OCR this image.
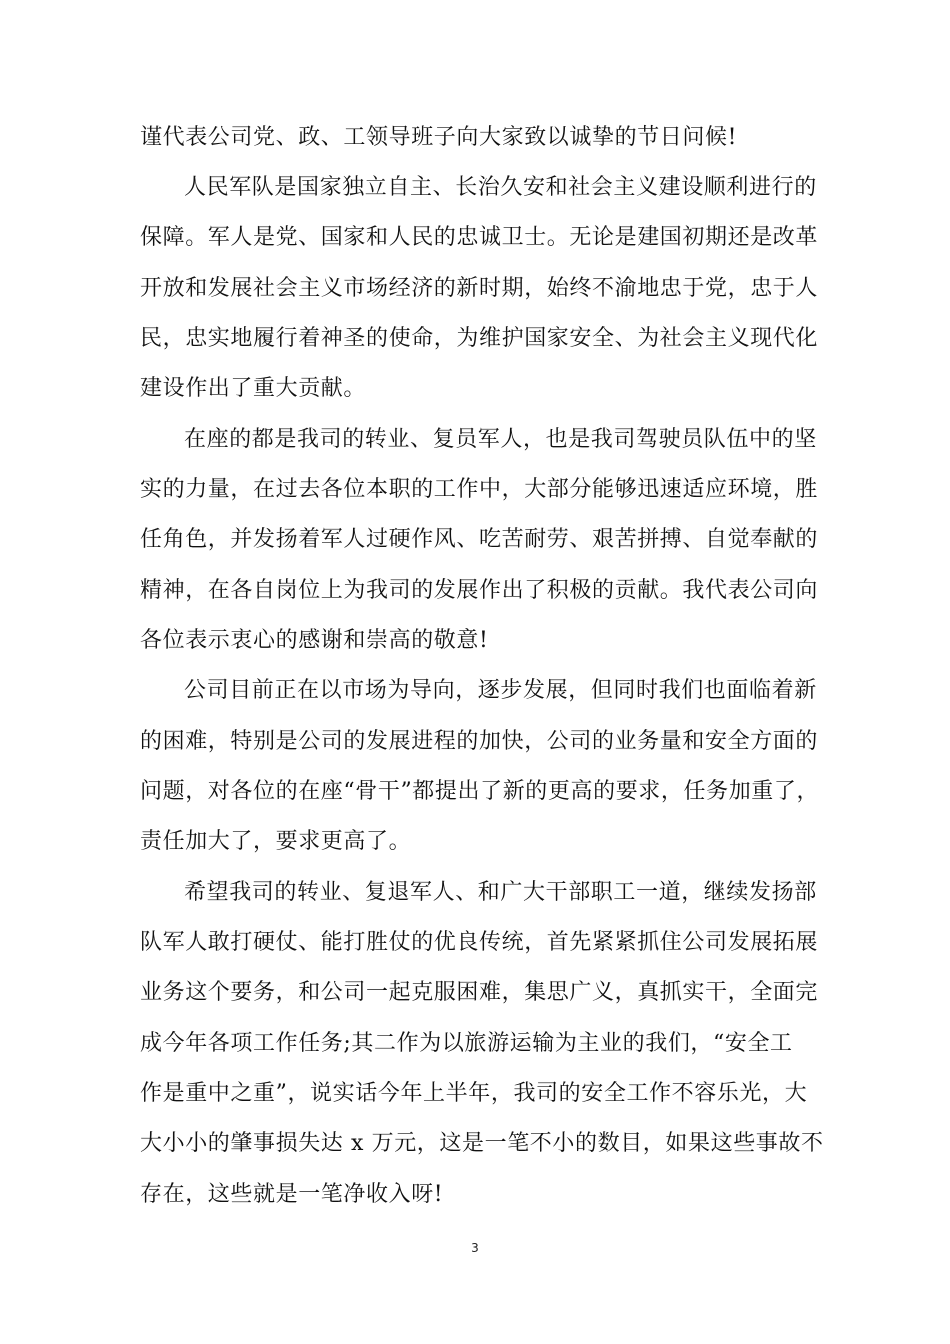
谨代表公司党、政、工领导班子向大家致以诚挚的节日问候!
人民军队是国家独立自主、长治久安和社会主义建设顺利进行的
保障。军人是党、国家和人民的忠诚卫士。无论是建国初期还是改革
开放和发展社会主义市场经济的新时期，始终不渝地忠于党，忠于人
民，忠实地履行着神圣的使命，为维护国家安全、为社会主义现代化
建设作出了重大贡献。
在座的都是我司的转业、复员军人，也是我司驾驶员队伍中的坚
实的力量，在过去各位本职的工作中，大部分能够迅速适应环境，胜
任角色，并发扬着军人过硬作风、吃苦耐劳、艰苦拼搏、自觉奉献的
精神，在各自岗位上为我司的发展作出了积极的贡献。我代表公司向
各位表示衷心的感谢和崇高的敬意!
公司目前正在以市场为导向，逐步发展，但同时我们也面临着新
的困难，特别是公司的发展进程的加快，公司的业务量和安全方面的
问题，对各位的在座“骨干”都提出了新的更高的要求，任务加重了，
责任加大了，要求更高了。
希望我司的转业、复退军人、和广大干部职工一道，继续发扬部
队军人敢打硬仗、能打胜仗的优良传统，首先紧紧抓住公司发展拓展
业务这个要务，和公司一起克服困难，集思广义，真抓实干，全面完
成今年各项工作任务;其二作为以旅游运输为主业的我们，“安全工
作是重中之重”，说实话今年上半年，我司的安全工作不容乐光，大
大小小的肇事损失达 x 万元，这是一笔不小的数目，如果这些事故不
存在，这些就是一笔净收入呀!
3
